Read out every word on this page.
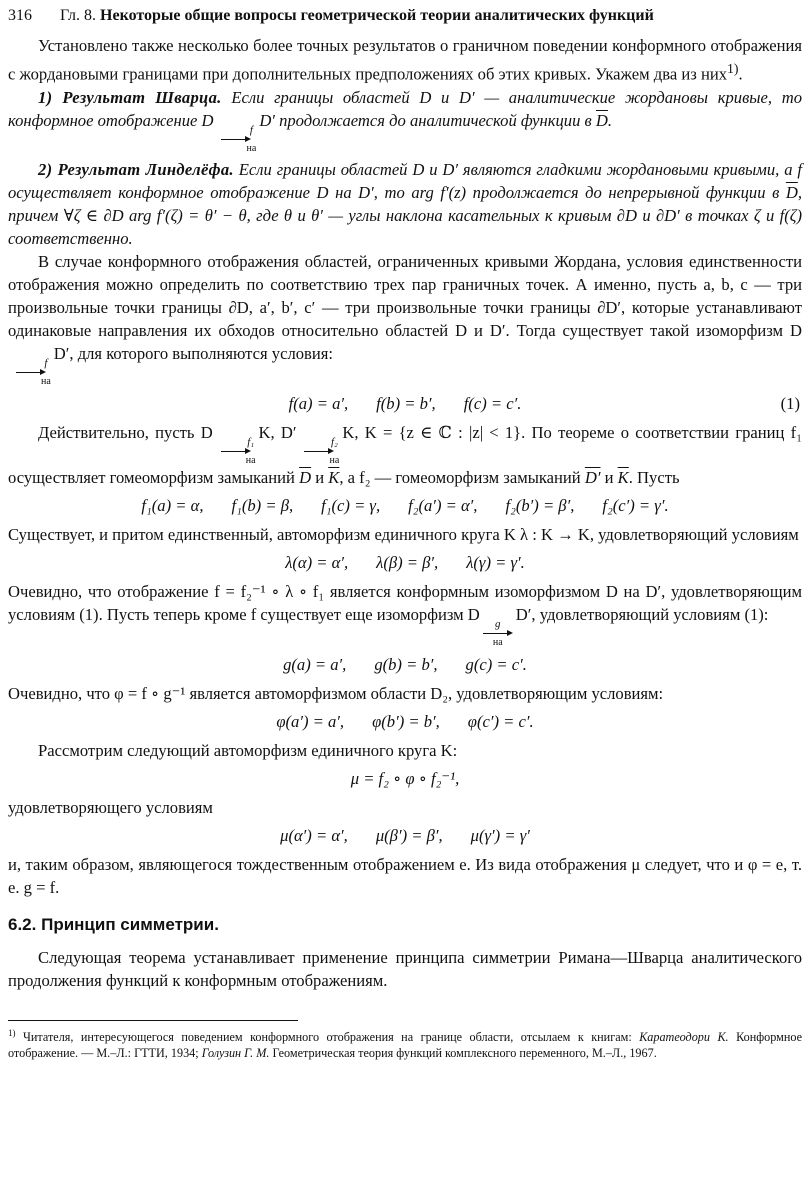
316	Гл. 8. Некоторые общие вопросы геометрической теории аналитических функций

Установлено также несколько более точных результатов о граничном поведении конформного отображения с жордановыми границами при дополнительных предположениях об этих кривых. Укажем два из них$^{1)}$.

1) Результат Шварца. Если границы областей D и D′ — аналитические жордановы кривые, то конформное отображение D	f
на
D′ продолжается до аналитической функции в $\overline{D}$.

2) Результат Линделёфа. Если границы областей D и D′ являются гладкими жордановыми кривыми, а f осуществляет конформное отображение D на D′, то arg f′(z) продолжается до непрерывной функции в $\overline{D}$, причем ∀ζ ∈ ∂D arg f′(ζ) = θ′ − θ, где θ и θ′ — углы наклона касательных к кривым ∂D и ∂D′ в точках ζ и f(ζ) соответственно.

В случае конформного отображения областей, ограниченных кривыми Жордана, условия единственности отображения можно определить по соответствию трех пар граничных точек. А именно, пусть a, b, c — три произвольные точки границы ∂D, a′, b′, c′ — три произвольные точки границы ∂D′, которые устанавливают одинаковые направления их обходов относительно областей D и D′. Тогда существует такой изоморфизм D
f
на
D′, для которого выполняются условия:

f(a) = a′, f(b) = b′, f(c) = c′.	(1)

Действительно, пусть D	f₁
на
K, D′	f₂
на
K, K = {z ∈ ℂ : |z| < 1}. По теореме о соответствии границ f₁ осуществляет гомеоморфизм замыканий $\overline{D}$ и $\overline{K}$, а f₂ — гомеоморфизм замыканий D′ и $\overline{K}$. Пусть

f₁(a) = α, f₁(b) = β, f₁(c) = γ, f₂(a′) = α′, f₂(b′) = β′, f₂(c′) = γ′.

Существует, и притом единственный, автоморфизм единичного круга K λ : K → K, удовлетворяющий условиям

λ(α) = α′, λ(β) = β′, λ(γ) = γ′.

Очевидно, что отображение f = f₂⁻¹ ∘ λ ∘ f₁ является конформным изоморфизмом D на D′, удовлетворяющим условиям (1). Пусть теперь кроме f существует еще изоморфизм D g
на
D′, удовлетворяющий условиям (1):

g(a) = a′, g(b) = b′, g(c) = c′.

Очевидно, что φ = f ∘ g⁻¹ является автоморфизмом области D₂, удовлетворяющим условиям:

φ(a′) = a′, φ(b′) = b′, φ(c′) = c′.

Рассмотрим следующий автоморфизм единичного круга K:

μ = f₂ ∘ φ ∘ f₂⁻¹,

удовлетворяющего условиям

μ(α′) = α′, μ(β′) = β′, μ(γ′) = γ′

и, таким образом, являющегося тождественным отображением e. Из вида отображения μ следует, что и φ = e, т. е. g = f.

6.2. Принцип симметрии.

Следующая теорема устанавливает применение принципа симметрии Римана—Шварца аналитического продолжения функций к конформным отображениям.

$^{1)}$ Читателя, интересующегося поведением конформного отображения на границе области, отсылаем к книгам: Каратеодори К. Конформное отображение. — М.–Л.: ГТТИ, 1934; Голузин Г. М. Геометрическая теория функций комплексного переменного, М.–Л., 1967.
